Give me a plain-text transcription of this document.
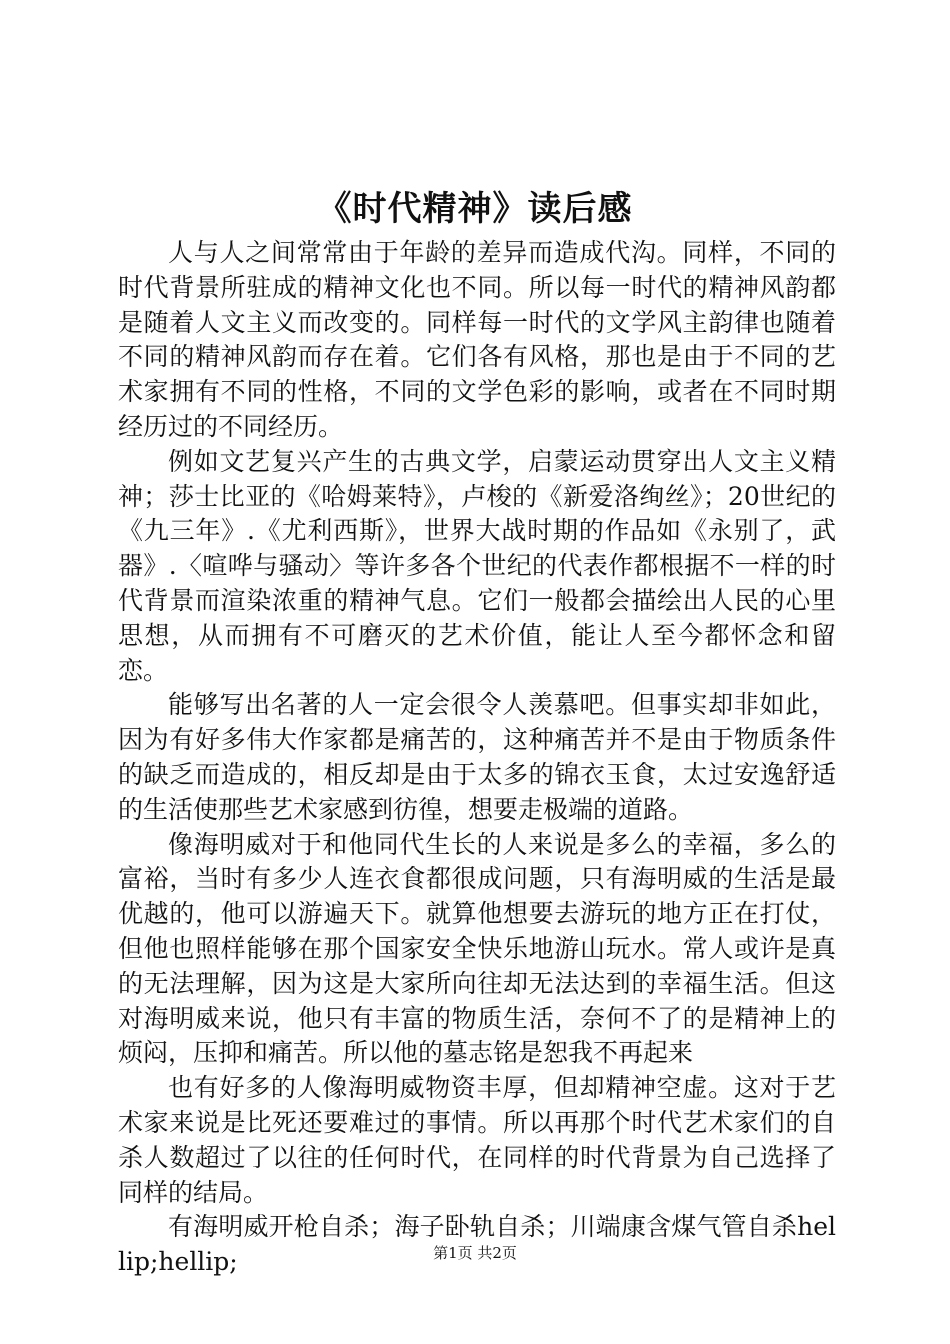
《时代精神》读后感

人与人之间常常由于年龄的差异而造成代沟。同样，不同的时代背景所驻成的精神文化也不同。所以每一时代的精神风韵都是随着人文主义而改变的。同样每一时代的文学风主韵律也随着不同的精神风韵而存在着。它们各有风格，那也是由于不同的艺术家拥有不同的性格，不同的文学色彩的影响，或者在不同时期经历过的不同经历。

例如文艺复兴产生的古典文学，启蒙运动贯穿出人文主义精神；莎士比亚的《哈姆莱特》，卢梭的《新爱洛绚丝》；20世纪的《九三年》.《尤利西斯》，世界大战时期的作品如《永别了，武器》.〈喧哗与骚动〉等许多各个世纪的代表作都根据不一样的时代背景而渲染浓重的精神气息。它们一般都会描绘出人民的心里思想，从而拥有不可磨灭的艺术价值，能让人至今都怀念和留恋。

能够写出名著的人一定会很令人羡慕吧。但事实却非如此，因为有好多伟大作家都是痛苦的，这种痛苦并不是由于物质条件的缺乏而造成的，相反却是由于太多的锦衣玉食，太过安逸舒适的生活使那些艺术家感到彷徨，想要走极端的道路。

像海明威对于和他同代生长的人来说是多么的幸福，多么的富裕，当时有多少人连衣食都很成问题，只有海明威的生活是最优越的，他可以游遍天下。就算他想要去游玩的地方正在打仗，但他也照样能够在那个国家安全快乐地游山玩水。常人或许是真的无法理解，因为这是大家所向往却无法达到的幸福生活。但这对海明威来说，他只有丰富的物质生活，奈何不了的是精神上的烦闷，压抑和痛苦。所以他的墓志铭是恕我不再起来

也有好多的人像海明威物资丰厚，但却精神空虚。这对于艺术家来说是比死还要难过的事情。所以再那个时代艺术家们的自杀人数超过了以往的任何时代，在同样的时代背景为自己选择了同样的结局。

有海明威开枪自杀；海子卧轨自杀；川端康含煤气管自杀hellip;hellip;	第1页 共2页
